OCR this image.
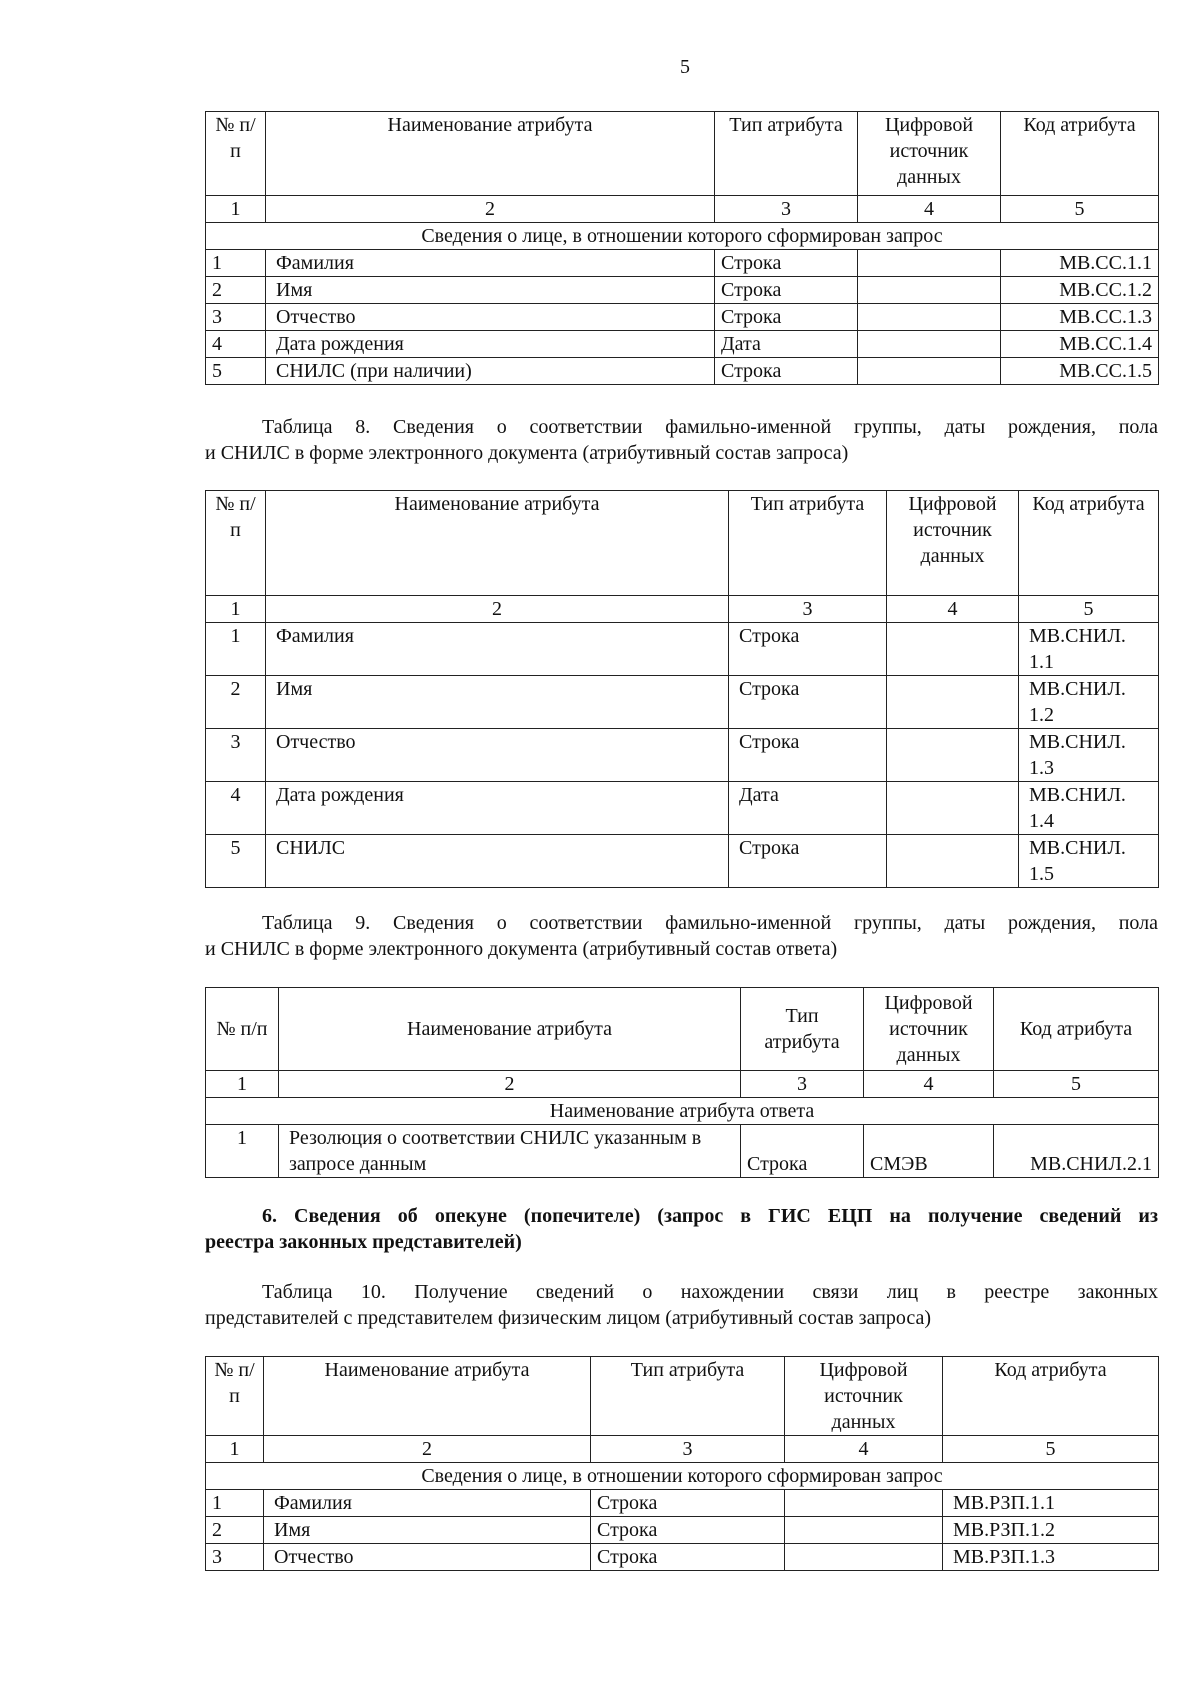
5
№ п/п	Наименование атрибута	Тип атрибута	Цифровой источник данных	Код атрибута
1	2	3	4	5
Сведения о лице, в отношении которого сформирован запрос				
1	Фамилия	Строка		МВ.СС.1.1
2	Имя	Строка		МВ.СС.1.2
3	Отчество	Строка		МВ.СС.1.3
4	Дата рождения	Дата		МВ.СС.1.4
5	СНИЛС (при наличии)	Строка		МВ.СС.1.5
Таблица 8. Сведения о соответствии фамильно-именной группы, даты рождения, пола
и СНИЛС в форме электронного документа (атрибутивный состав запроса)
№ п/п	Наименование атрибута	Тип атрибута	Цифровой источник данных	Код атрибута
1	2	3	4	5
1	Фамилия	Строка		МВ.СНИЛ. 1.1
2	Имя	Строка		МВ.СНИЛ. 1.2
3	Отчество	Строка		МВ.СНИЛ. 1.3
4	Дата рождения	Дата		МВ.СНИЛ. 1.4
5	СНИЛС	Строка		МВ.СНИЛ. 1.5
Таблица 9. Сведения о соответствии фамильно-именной группы, даты рождения, пола
и СНИЛС в форме электронного документа (атрибутивный состав ответа)
№ п/п	Наименование атрибута	Тип атрибута	Цифровой источник данных	Код атрибута
1	2	3	4	5
Наименование атрибута ответа				
1	Резолюция о соответствии СНИЛС указанным в запросе данным	Строка	СМЭВ	МВ.СНИЛ.2.1
6. Сведения об опекуне (попечителе) (запрос в ГИС ЕЦП на получение сведений из
реестра законных представителей)
Таблица 10. Получение сведений о нахождении связи лиц в реестре законных
представителей с представителем физическим лицом (атрибутивный состав запроса)
№ п/п	Наименование атрибута	Тип атрибута	Цифровой источник данных	Код атрибута
1	2	3	4	5
Сведения о лице, в отношении которого сформирован запрос				
1	Фамилия	Строка		МВ.РЗП.1.1
2	Имя	Строка		МВ.РЗП.1.2
3	Отчество	Строка		МВ.РЗП.1.3
